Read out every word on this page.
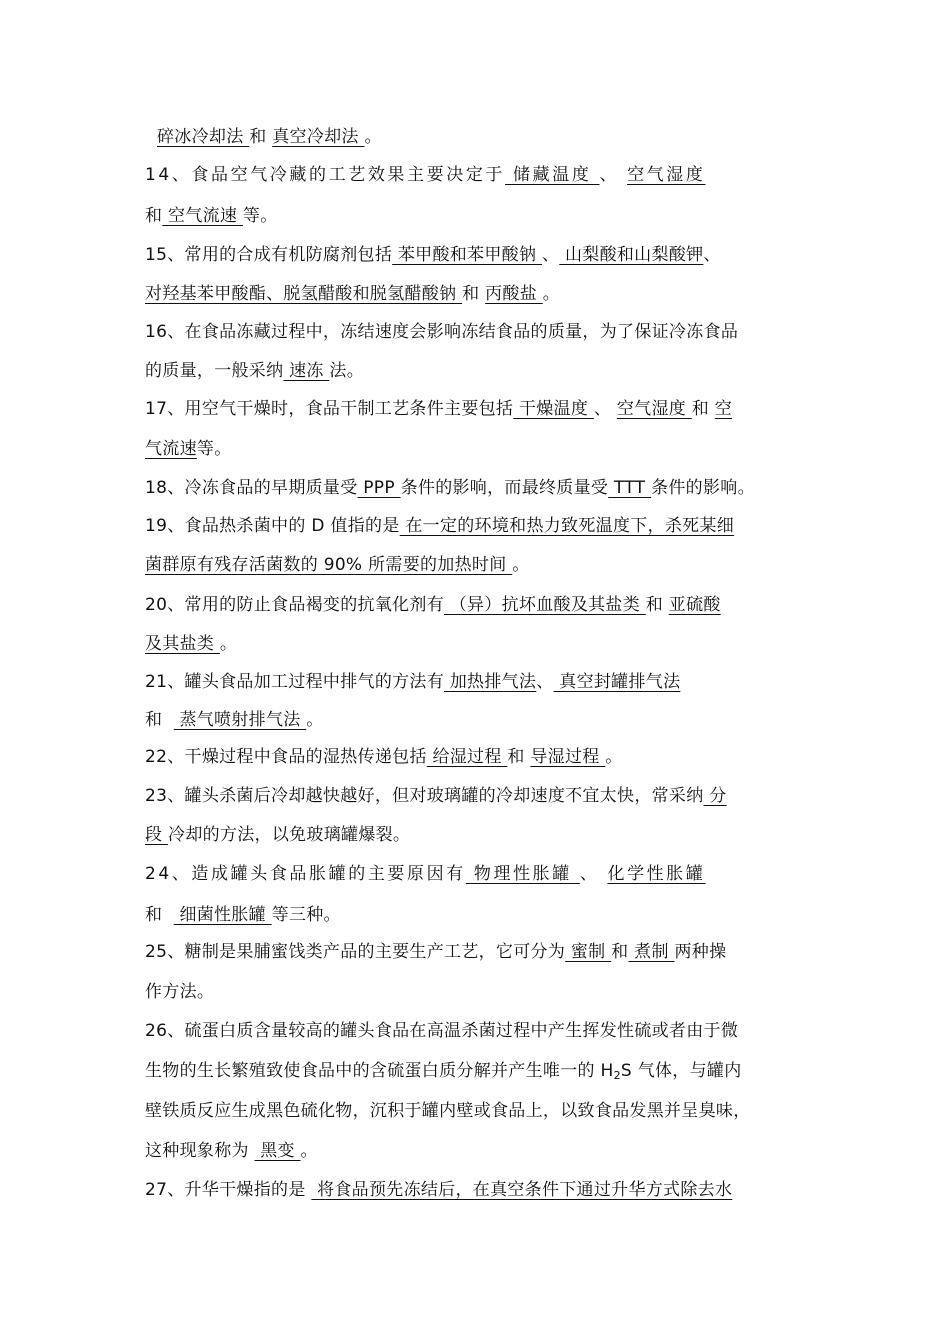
碎冰冷却法 和 真空冷却法 。
14、食品空气冷藏的工艺效果主要决定于 储藏温度 、 空气湿度
和 空气流速 等。
15、常用的合成有机防腐剂包括 苯甲酸和苯甲酸钠 、 山梨酸和山梨酸钾、
对羟基苯甲酸酯、脱氢醋酸和脱氢醋酸钠 和 丙酸盐 。
16、在食品冻藏过程中，冻结速度会影响冻结食品的质量，为了保证冷冻食品
的质量，一般采纳 速冻 法。
17、用空气干燥时，食品干制工艺条件主要包括 干燥温度 、 空气湿度 和 空
气流速等。
18、冷冻食品的早期质量受 PPP 条件的影响，而最终质量受 TTT 条件的影响。
19、食品热杀菌中的 D 值指的是 在一定的环境和热力致死温度下，杀死某细
菌群原有残存活菌数的 90% 所需要的加热时间 。
20、常用的防止食品褐变的抗氧化剂有 （异）抗坏血酸及其盐类 和 亚硫酸
及其盐类 。
21、罐头食品加工过程中排气的方法有 加热排气法、 真空封罐排气法
和   蒸气喷射排气法 。
22、干燥过程中食品的湿热传递包括 给湿过程 和 导湿过程 。
23、罐头杀菌后冷却越快越好，但对玻璃罐的冷却速度不宜太快，常采纳 分
段 冷却的方法，以免玻璃罐爆裂。
24、造成罐头食品胀罐的主要原因有 物理性胀罐 、 化学性胀罐
和   细菌性胀罐 等三种。
25、糖制是果脯蜜饯类产品的主要生产工艺，它可分为 蜜制 和 煮制 两种操
作方法。
26、硫蛋白质含量较高的罐头食品在高温杀菌过程中产生挥发性硫或者由于微
生物的生长繁殖致使食品中的含硫蛋白质分解并产生唯一的 $H_2S$ 气体，与罐内
壁铁质反应生成黑色硫化物，沉积于罐内壁或食品上，以致食品发黑并呈臭味，
这种现象称为  黑变 。
27、升华干燥指的是  将食品预先冻结后，在真空条件下通过升华方式除去水
